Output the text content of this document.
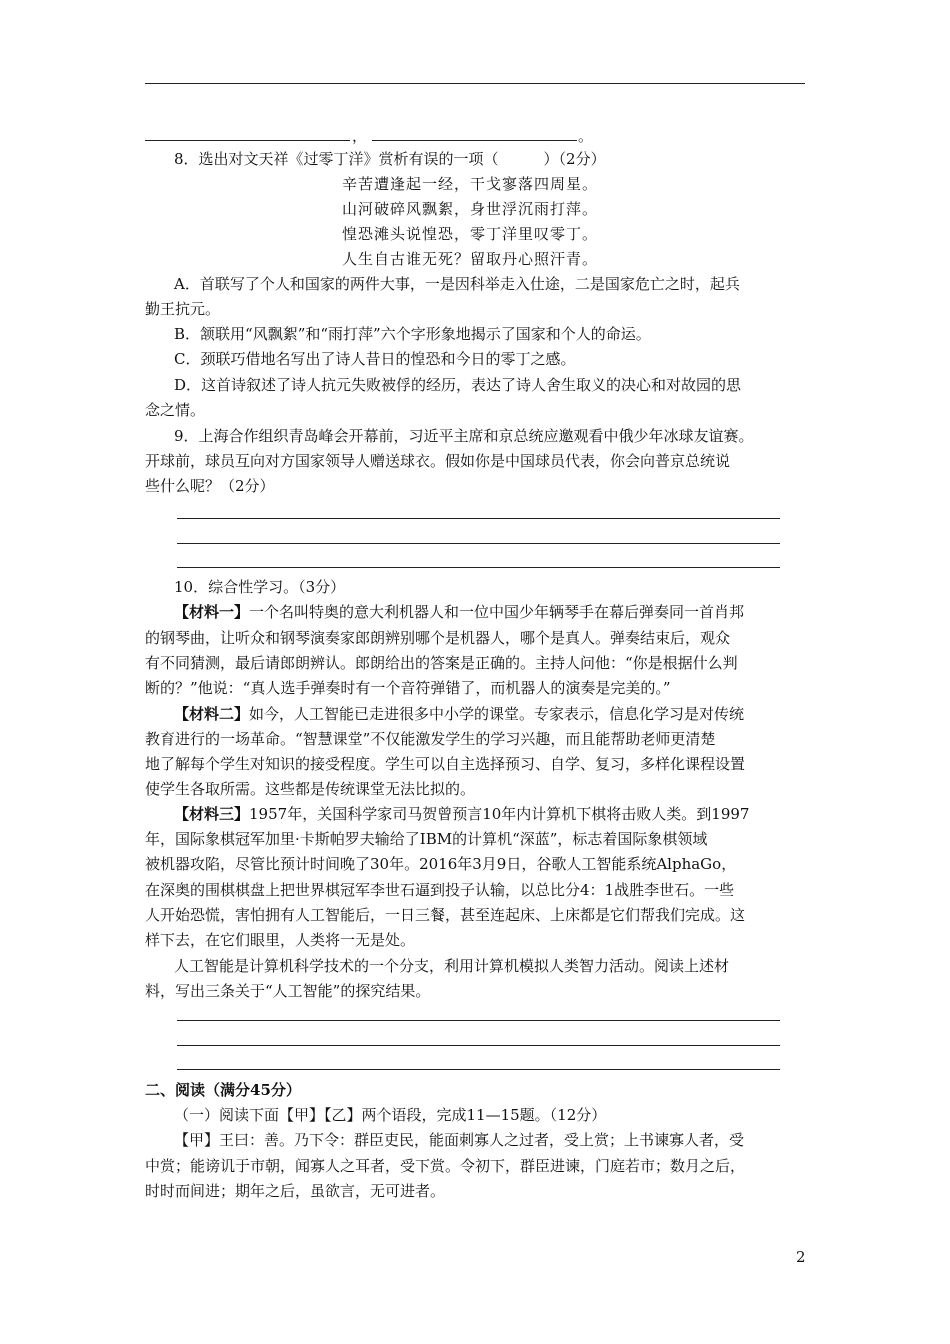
，	。
8．选出对文天祥《过零丁洋》赏析有误的一项（　　　）（2分）
辛苦遭逢起一经，干戈寥落四周星。
山河破碎风飘絮，身世浮沉雨打萍。
惶恐滩头说惶恐，零丁洋里叹零丁。
人生自古谁无死？留取丹心照汗青。
A．首联写了个人和国家的两件大事，一是因科举走入仕途，二是国家危亡之时，起兵
勤王抗元。
B．颔联用“风飘絮”和“雨打萍”六个字形象地揭示了国家和个人的命运。
C．颈联巧借地名写出了诗人昔日的惶恐和今日的零丁之感。
D．这首诗叙述了诗人抗元失败被俘的经历，表达了诗人舍生取义的决心和对故园的思
念之情。
9．上海合作组织青岛峰会开幕前，习近平主席和京总统应邀观看中俄少年冰球友谊赛。
开球前，球员互向对方国家领导人赠送球衣。假如你是中国球员代表，你会向普京总统说
些什么呢？（2分）
10．综合性学习。（3分）
【材料一】一个名叫特奥的意大利机器人和一位中国少年辆琴手在幕后弹奏同一首肖邦
的钢琴曲，让听众和钢琴演奏家郎朗辨别哪个是机器人，哪个是真人。弹奏结束后，观众
有不同猜测，最后请郎朗辨认。郎朗给出的答案是正确的。主持人问他：“你是根据什么判
断的？”他说：“真人选手弹奏时有一个音符弹错了，而机器人的演奏是完美的。”
【材料二】如今，人工智能已走进很多中小学的课堂。专家表示，信息化学习是对传统
教育进行的一场革命。“智慧课堂”不仅能激发学生的学习兴趣，而且能帮助老师更清楚
地了解每个学生对知识的接受程度。学生可以自主选择预习、自学、复习，多样化课程设置
使学生各取所需。这些都是传统课堂无法比拟的。
【材料三】1957年，关国科学家司马贺曾预言10年内计算机下棋将击败人类。到1997
年，国际象棋冠军加里·卡斯帕罗夫输给了IBM的计算机“深蓝”，标志着国际象棋领域
被机器攻陷，尽管比预计时间晚了30年。2016年3月9日，谷歌人工智能系统AlphaGo，
在深奥的围棋棋盘上把世界棋冠军李世石逼到投子认输，以总比分4：1战胜李世石。一些
人开始恐慌，害怕拥有人工智能后，一日三餐，甚至连起床、上床都是它们帮我们完成。这
样下去，在它们眼里，人类将一无是处。
人工智能是计算机科学技术的一个分支，利用计算机模拟人类智力活动。阅读上述材
料，写出三条关于“人工智能”的探究结果。
二、阅读（满分45分）
（一）阅读下面【甲】【乙】两个语段，完成11—15题。（12分）
【甲】王曰：善。乃下令：群臣吏民，能面刺寡人之过者，受上赏；上书谏寡人者，受
中赏；能谤讥于市朝，闻寡人之耳者，受下赏。令初下，群臣进谏，门庭若市；数月之后，
时时而间进；期年之后，虽欲言，无可进者。
2
